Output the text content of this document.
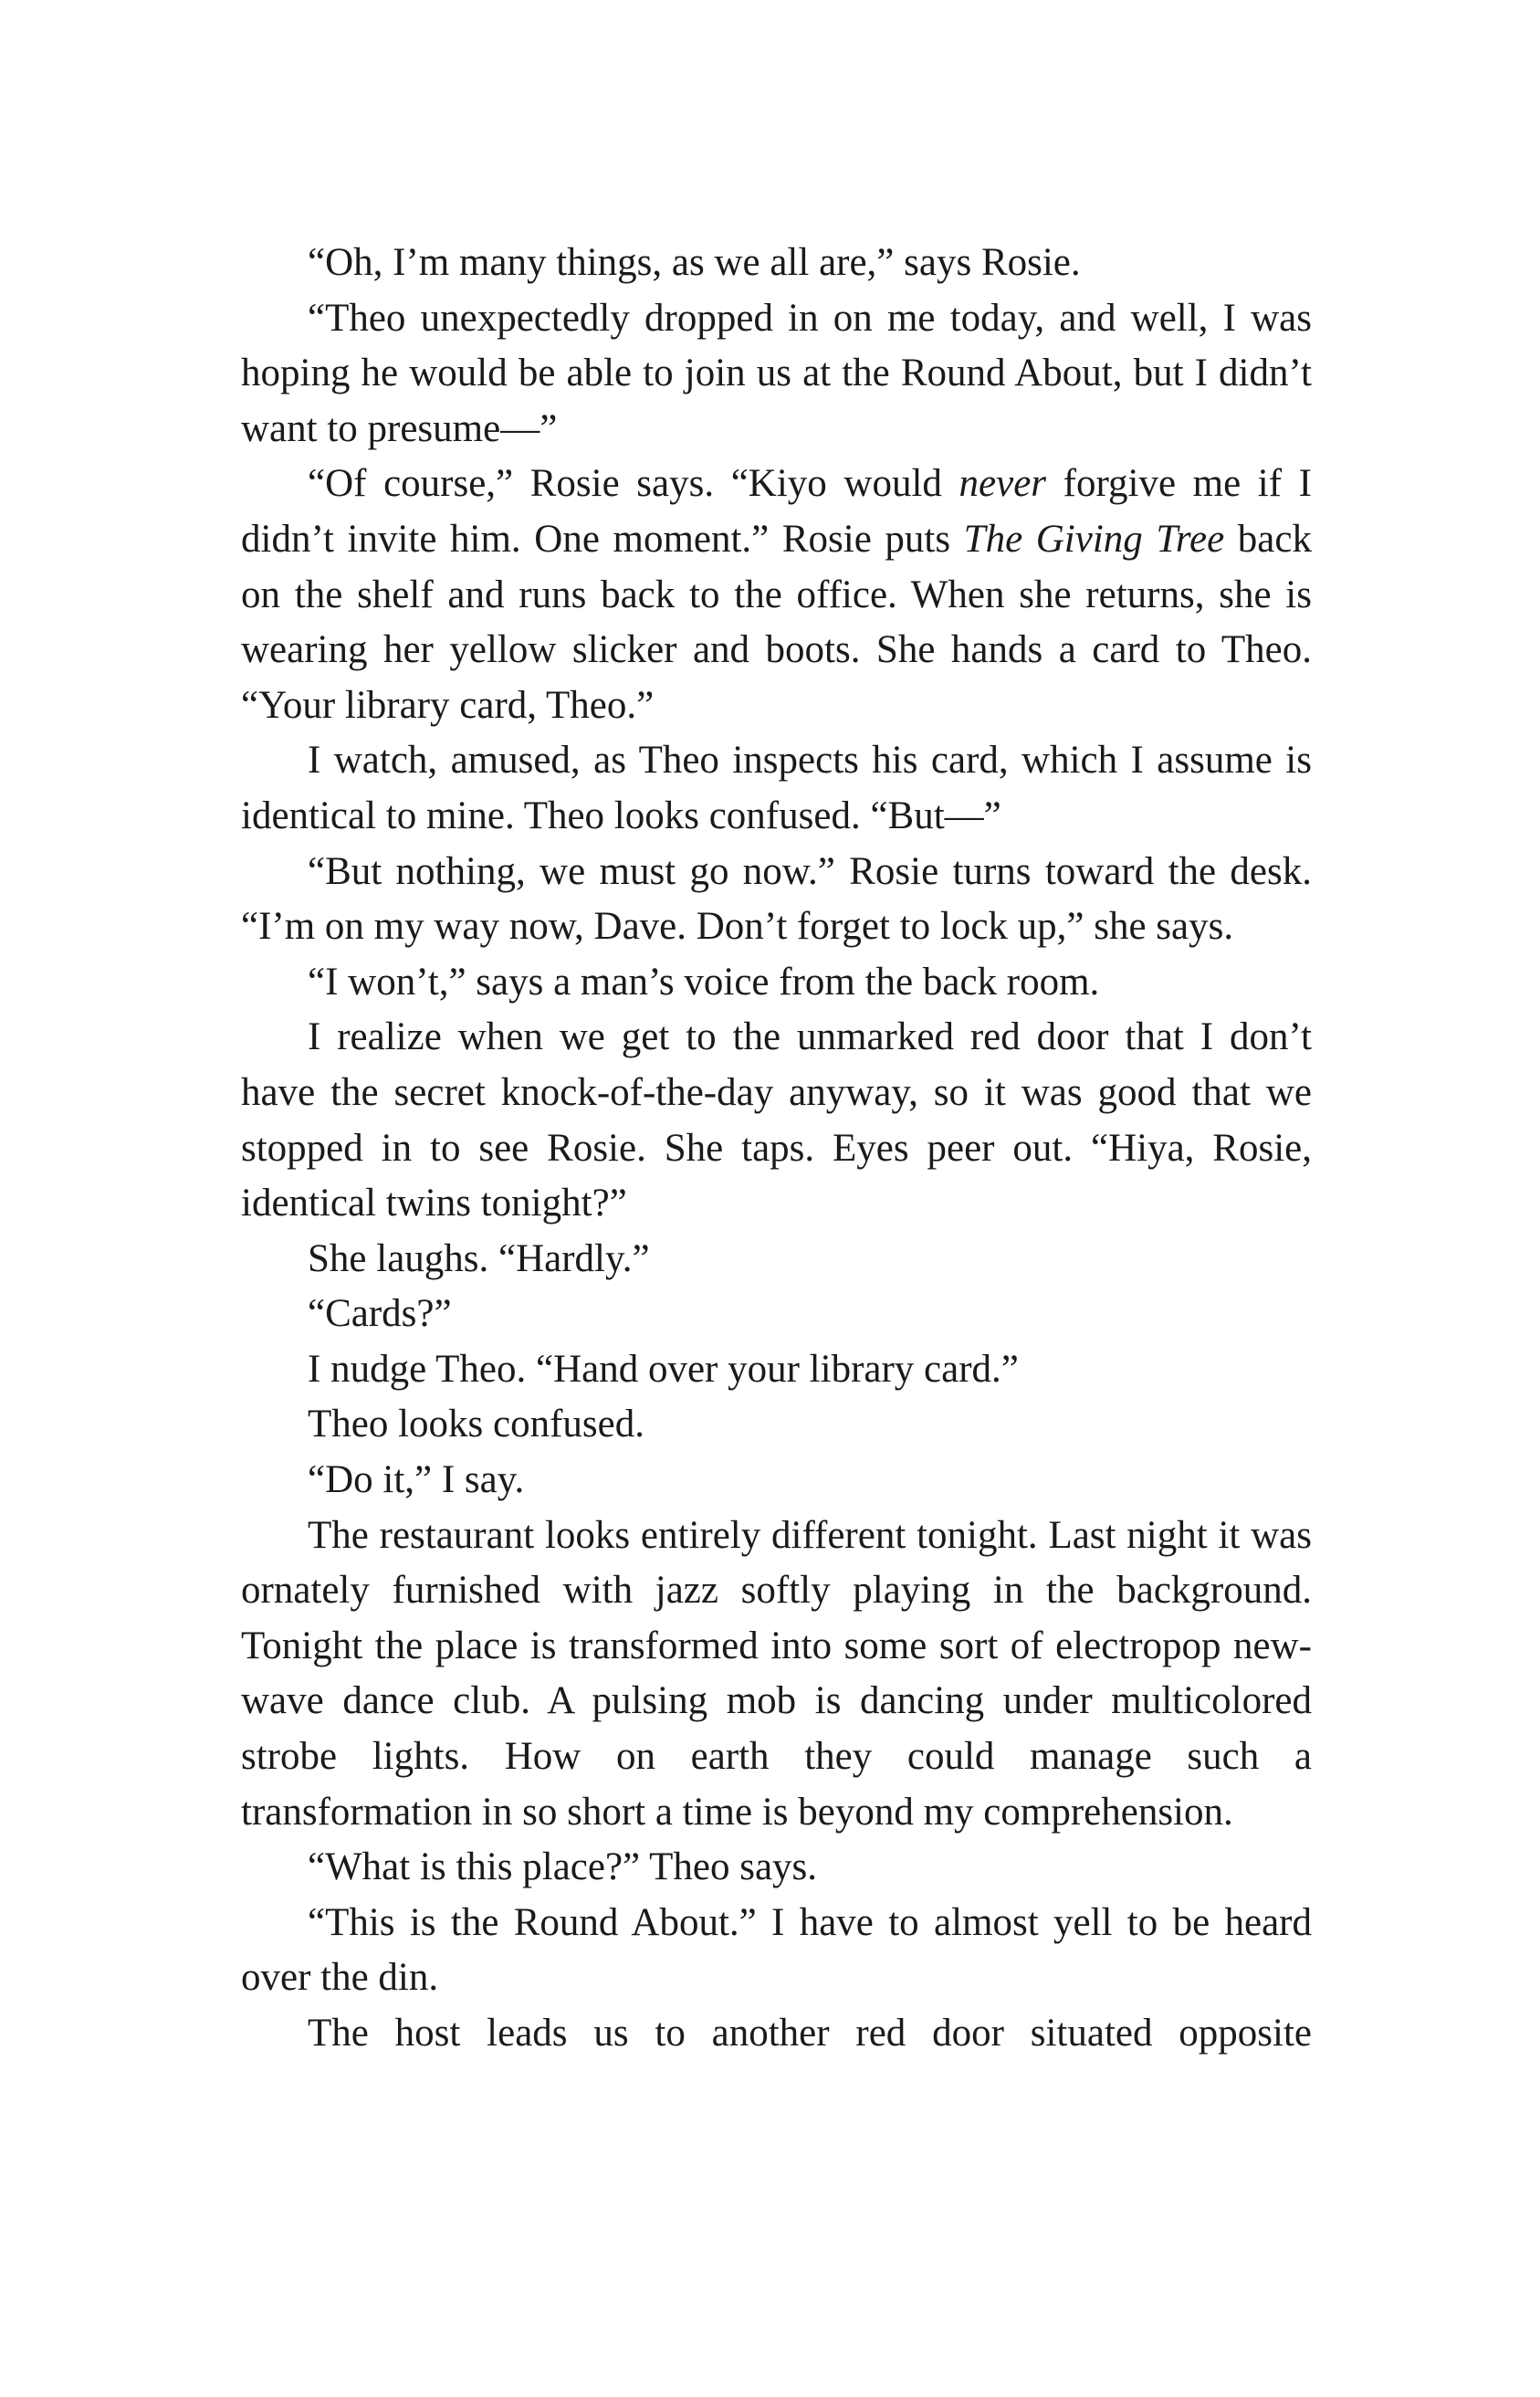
“Oh, I’m many things, as we all are,” says Rosie.

“Theo unexpectedly dropped in on me today, and well, I was hoping he would be able to join us at the Round About, but I didn’t want to presume—”

“Of course,” Rosie says. “Kiyo would never forgive me if I didn’t invite him. One moment.” Rosie puts The Giving Tree back on the shelf and runs back to the office. When she returns, she is wearing her yellow slicker and boots. She hands a card to Theo. “Your library card, Theo.”

I watch, amused, as Theo inspects his card, which I assume is identical to mine. Theo looks confused. “But—”

“But nothing, we must go now.” Rosie turns toward the desk. “I’m on my way now, Dave. Don’t forget to lock up,” she says.

“I won’t,” says a man’s voice from the back room.

I realize when we get to the unmarked red door that I don’t have the secret knock-of-the-day anyway, so it was good that we stopped in to see Rosie. She taps. Eyes peer out. “Hiya, Rosie, identical twins tonight?”

She laughs. “Hardly.”

“Cards?”

I nudge Theo. “Hand over your library card.”

Theo looks confused.

“Do it,” I say.

The restaurant looks entirely different tonight. Last night it was ornately furnished with jazz softly playing in the background. Tonight the place is transformed into some sort of electropop new-wave dance club. A pulsing mob is dancing under multicolored strobe lights. How on earth they could manage such a transformation in so short a time is beyond my comprehension.

“What is this place?” Theo says.

“This is the Round About.” I have to almost yell to be heard over the din.

The host leads us to another red door situated opposite
